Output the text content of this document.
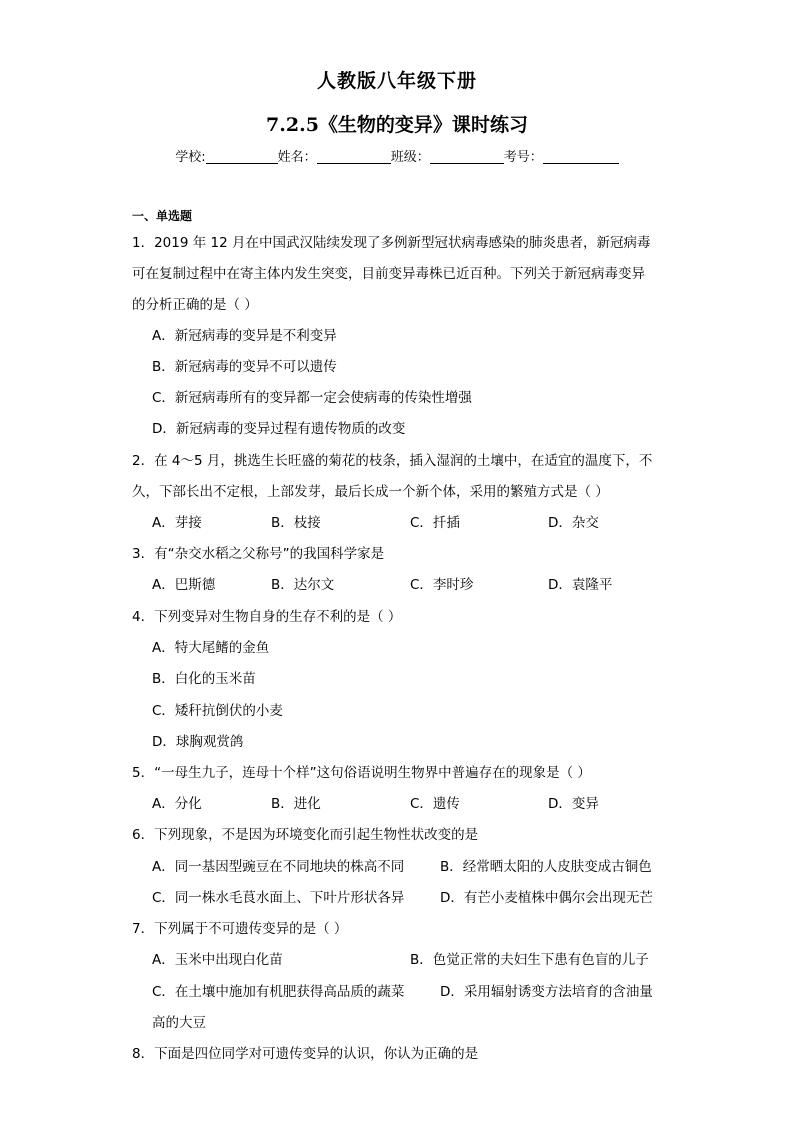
人教版八年级下册
7.2.5《生物的变异》课时练习
学校:	姓名：	班级：	考号：
一、单选题
1．2019 年 12 月在中国武汉陆续发现了多例新型冠状病毒感染的肺炎患者，新冠病毒
可在复制过程中在寄主体内发生突变，目前变异毒株已近百种。下列关于新冠病毒变异
的分析正确的是（ ）
A．新冠病毒的变异是不利变异
B．新冠病毒的变异不可以遗传
C．新冠病毒所有的变异都一定会使病毒的传染性增强
D．新冠病毒的变异过程有遗传物质的改变
2．在 4～5 月，挑选生长旺盛的菊花的枝条，插入湿润的土壤中，在适宜的温度下，不
久，下部长出不定根，上部发芽，最后长成一个新个体，采用的繁殖方式是（ ）
A．芽接	B．枝接	C．扦插	D．杂交
3．有“杂交水稻之父称号”的我国科学家是
A．巴斯德	B．达尔文	C．李时珍	D．袁隆平
4．下列变异对生物自身的生存不利的是（ ）
A．特大尾鳍的金鱼
B．白化的玉米苗
C．矮秆抗倒伏的小麦
D．球胸观赏鸽
5．“一母生九子，连母十个样”这句俗语说明生物界中普遍存在的现象是（ ）
A．分化	B．进化	C．遗传	D．变异
6．下列现象，不是因为环境变化而引起生物性状改变的是
A．同一基因型豌豆在不同地块的株高不同	B．经常晒太阳的人皮肤变成古铜色
C．同一株水毛茛水面上、下叶片形状各异	D．有芒小麦植株中偶尔会出现无芒
7．下列属于不可遗传变异的是（ ）
A．玉米中出现白化苗	B．色觉正常的夫妇生下患有色盲的儿子
C．在土壤中施加有机肥获得高品质的蔬菜	D．采用辐射诱变方法培育的含油量
高的大豆
8．下面是四位同学对可遗传变异的认识，你认为正确的是
